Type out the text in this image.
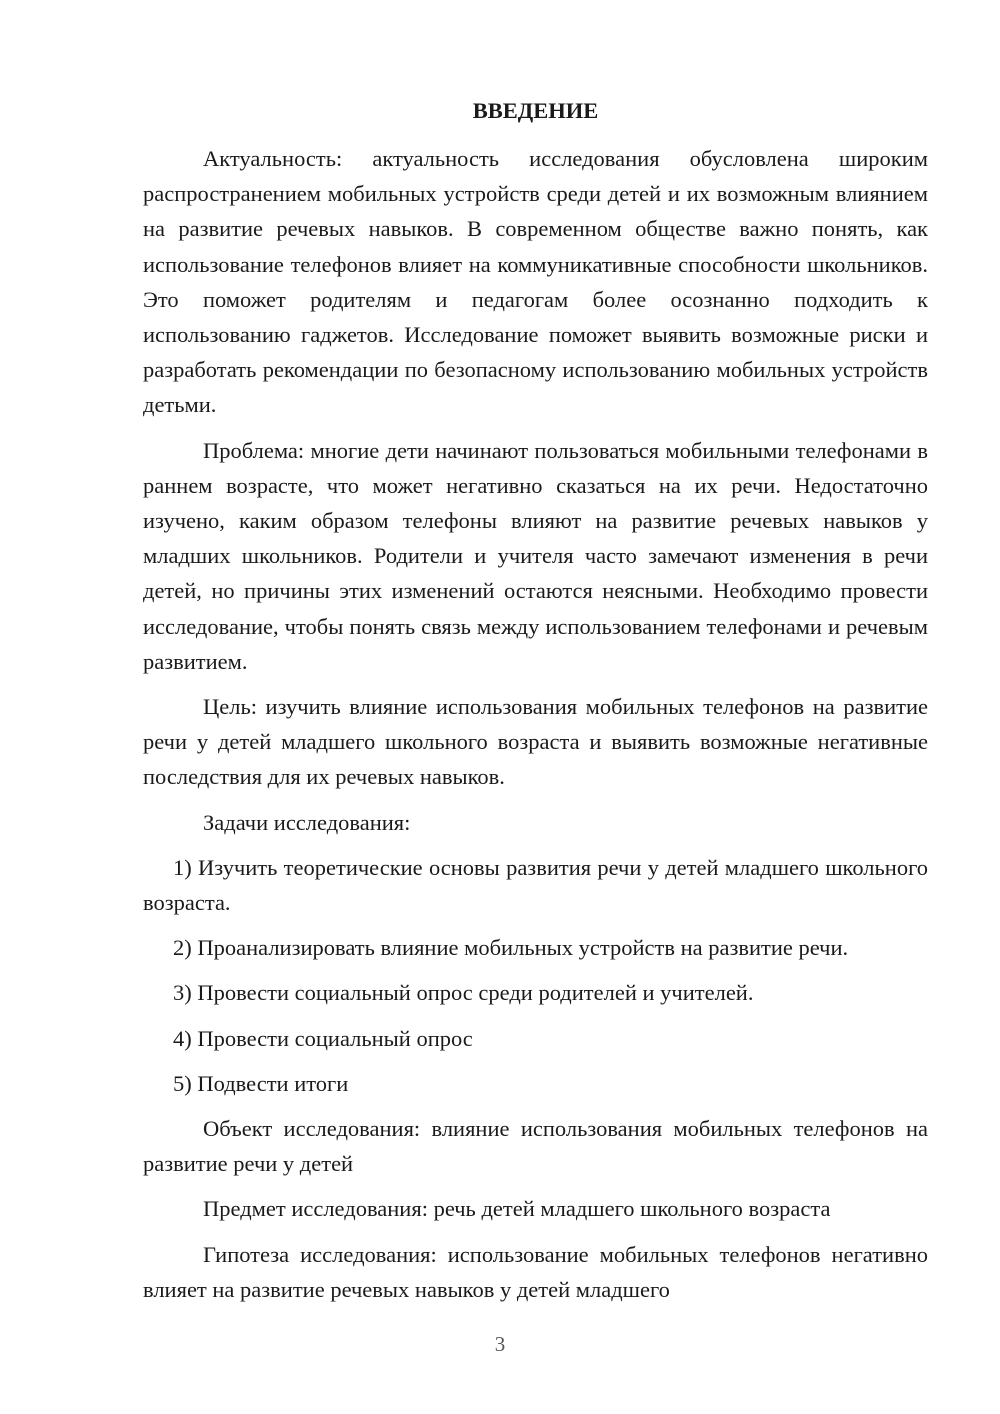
ВВЕДЕНИЕ

Актуальность: актуальность исследования обусловлена широким распространением мобильных устройств среди детей и их возможным влиянием на развитие речевых навыков. В современном обществе важно понять, как использование телефонов влияет на коммуникативные способности школьников. Это поможет родителям и педагогам более осознанно подходить к использованию гаджетов. Исследование поможет выявить возможные риски и разработать рекомендации по безопасному использованию мобильных устройств детьми.

Проблема: многие дети начинают пользоваться мобильными телефонами в раннем возрасте, что может негативно сказаться на их речи. Недостаточно изучено, каким образом телефоны влияют на развитие речевых навыков у младших школьников. Родители и учителя часто замечают изменения в речи детей, но причины этих изменений остаются неясными. Необходимо провести исследование, чтобы понять связь между использованием телефонами и речевым развитием.

Цель: изучить влияние использования мобильных телефонов на развитие речи у детей младшего школьного возраста и выявить возможные негативные последствия для их речевых навыков.

Задачи исследования:

1) Изучить теоретические основы развития речи у детей младшего школьного возраста.

2) Проанализировать влияние мобильных устройств на развитие речи.

3) Провести социальный опрос среди родителей и учителей.

4) Провести социальный опрос

5) Подвести итоги

Объект исследования: влияние использования мобильных телефонов на развитие речи у детей

Предмет исследования: речь детей младшего школьного возраста

Гипотеза исследования: использование мобильных телефонов негативно влияет на развитие речевых навыков у детей младшего

3
